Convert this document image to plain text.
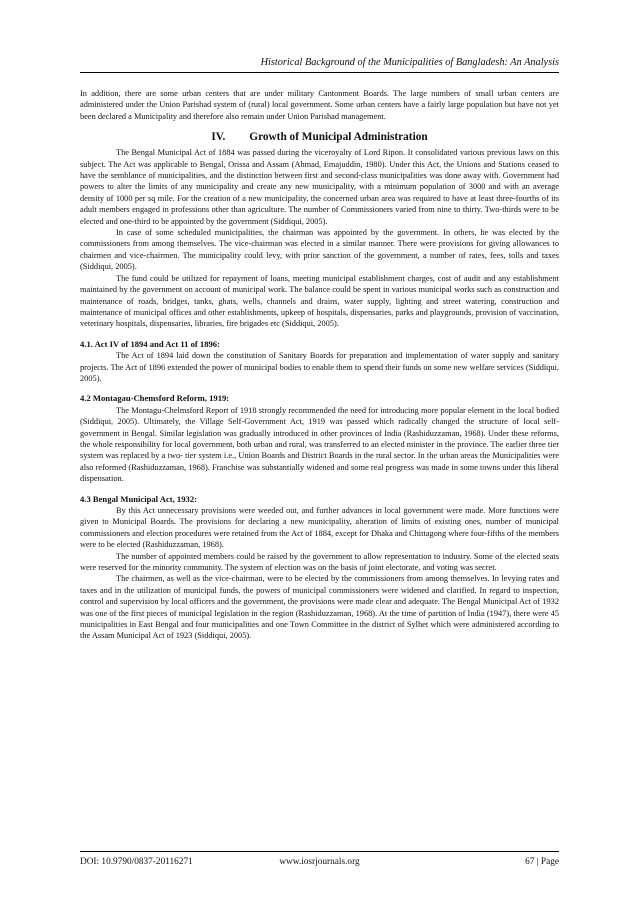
Historical Background of the Municipalities of Bangladesh: An Analysis

In addition, there are some urban centers that are under military Cantonment Boards. The large numbers of small urban centers are administered under the Union Parishad system of (rural) local government. Some urban centers have a fairly large population but have not yet been declared a Municipality and therefore also remain under Union Parishad management.

IV. Growth of Municipal Administration

The Bengal Municipal Act of 1884 was passed during the viceroyalty of Lord Ripon. It consolidated various previous laws on this subject. The Act was applicable to Bengal, Orissa and Assam (Ahmad, Emajuddin, 1980). Under this Act, the Unions and Stations ceased to have the semblance of municipalities, and the distinction between first and second-class municipalities was done away with. Government had powers to alter the limits of any municipality and create any new municipality, with a minimum population of 3000 and with an average density of 1000 per sq mile. For the creation of a new municipality, the concerned urban area was required to have at least three-fourths of its adult members engaged in professions other than agriculture. The number of Commissioners varied from nine to thirty. Two-thirds were to be elected and one-third to be appointed by the government (Siddiqui, 2005).

In case of some scheduled municipalities, the chairman was appointed by the government. In others, he was elected by the commissioners from among themselves. The vice-chairman was elected in a similar manner. There were provisions for giving allowances to chairmen and vice-chairmen. The municipality could levy, with prior sanction of the government, a number of rates, fees, tolls and taxes (Siddiqui, 2005).

The fund could be utilized for repayment of loans, meeting municipal establishment charges, cost of audit and any establishment maintained by the government on account of municipal work. The balance could be spent in various municipal works such as construction and maintenance of roads, bridges, tanks, ghats, wells, channels and drains, water supply, lighting and street watering, construction and maintenance of municipal offices and other establishments, upkeep of hospitals, dispensaries, parks and playgrounds, provision of vaccination, veterinary hospitals, dispensaries, libraries, fire brigades etc (Siddiqui, 2005).

4.1. Act IV of 1894 and Act 11 of 1896:

The Act of 1894 laid down the constitution of Sanitary Boards for preparation and implementation of water supply and sanitary projects. The Act of 1896 extended the power of municipal bodies to enable them to spend their funds on some new welfare services (Siddiqui, 2005).

4.2 Montagau-Chemsford Reform, 1919:

The Montagu-Chelmsford Report of 1918 strongly recommended the need for introducing more popular element in the local bodied (Siddiqui, 2005). Ultimately, the Village Self-Government Act, 1919 was passed which radically changed the structure of local self-government in Bengal. Similar legislation was gradually introduced in other provinces of India (Rashiduzzaman, 1968). Under these reforms, the whole responsibility for local government, both urban and rural, was transferred to an elected minister in the province. The earlier three tier system was replaced by a two- tier system i.e., Union Boards and District Boards in the rural sector. In the urban areas the Municipalities were also reformed (Rashiduzzaman, 1968). Franchise was substantially widened and some real progress was made in some towns under this liberal dispensation.

4.3 Bengal Municipal Act, 1932:

By this Act unnecessary provisions were weeded out, and further advances in local government were made. More functions were given to Municipal Boards. The provisions for declaring a new municipality, alteration of limits of existing ones, number of municipal commissioners and election procedures were retained from the Act of 1884, except for Dhaka and Chittagong where four-fifths of the members were to be elected (Rashiduzzaman, 1968).

The number of appointed members could be raised by the government to allow representation to industry. Some of the elected seats were reserved for the minority community. The system of election was on the basis of joint electorate, and voting was secret.

The chairmen, as well as the vice-chairman, were to be elected by the commissioners from among themselves. In levying rates and taxes and in the utilization of municipal funds, the powers of municipal commissioners were widened and clarified. In regard to inspection, control and supervision by local officers and the government, the provisions were made clear and adequate. The Bengal Municipal Act of 1932 was one of the first pieces of municipal legislation in the region (Rashiduzzaman, 1968). At the time of partition of India (1947), there were 45 municipalities in East Bengal and four municipalities and one Town Committee in the district of Sylhet which were administered according to the Assam Municipal Act of 1923 (Siddiqui, 2005).

DOI: 10.9790/0837-20116271	www.iosrjournals.org	67 | Page
